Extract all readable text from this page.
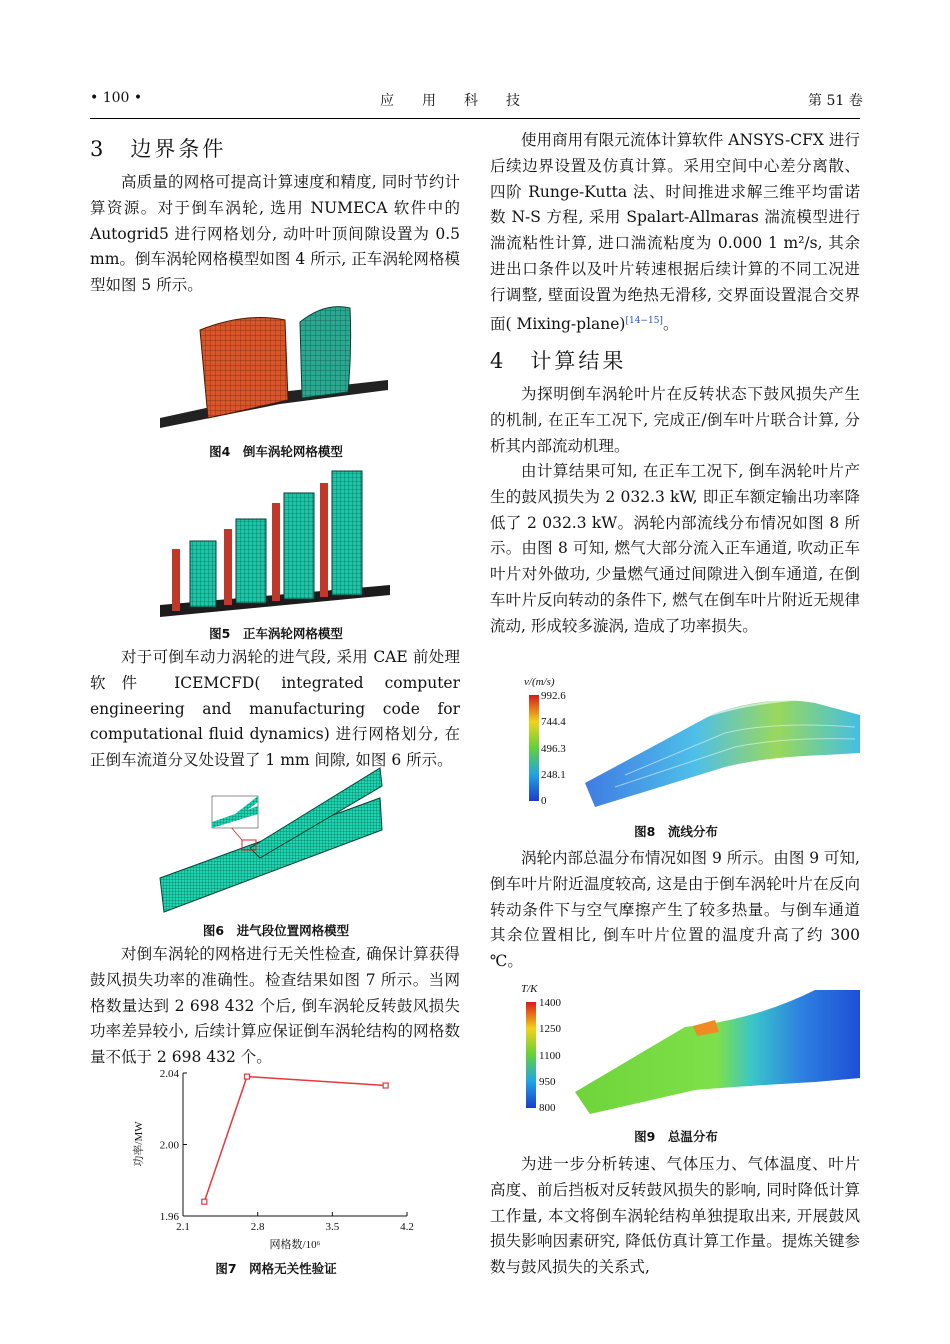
• 100 •	应　　用　　科　　技	第 51 卷
3　边界条件

高质量的网格可提高计算速度和精度, 同时节约计算资源。对于倒车涡轮, 选用 NUMECA 软件中的 Autogrid5 进行网格划分, 动叶叶顶间隙设置为 0.5 mm。倒车涡轮网格模型如图 4 所示, 正车涡轮网格模型如图 5 所示。

图4　倒车涡轮网格模型
图5　正车涡轮网格模型

对于可倒车动力涡轮的进气段, 采用 CAE 前处理软件 ICEMCFD( integrated computer engineering and manufacturing code for computational fluid dynamics) 进行网格划分, 在正倒车流道分叉处设置了 1 mm 间隙, 如图 6 所示。

图6　进气段位置网格模型

对倒车涡轮的网格进行无关性检查, 确保计算获得鼓风损失功率的准确性。检查结果如图 7 所示。当网格数量达到 2 698 432 个后, 倒车涡轮反转鼓风损失功率差异较小, 后续计算应保证倒车涡轮结构的网格数量不低于 2 698 432 个。

2.1	2.8	3.5	4.2
1.96
2.00
2.04
网格数/10⁶
功率/MW
图7　网格无关性验证

使用商用有限元流体计算软件 ANSYS-CFX 进行后续边界设置及仿真计算。采用空间中心差分离散、四阶 Runge-Kutta 法、时间推进求解三维平均雷诺数 N-S 方程, 采用 Spalart-Allmaras 湍流模型进行湍流粘性计算, 进口湍流粘度为 0.000 1 m²/s, 其余进出口条件以及叶片转速根据后续计算的不同工况进行调整, 壁面设置为绝热无滑移, 交界面设置混合交界面( Mixing-plane)[14−15]。

4　计算结果

为探明倒车涡轮叶片在反转状态下鼓风损失产生的机制, 在正车工况下, 完成正/倒车叶片联合计算, 分析其内部流动机理。

由计算结果可知, 在正车工况下, 倒车涡轮叶片产生的鼓风损失为 2 032.3 kW, 即正车额定输出功率降低了 2 032.3 kW。涡轮内部流线分布情况如图 8 所示。由图 8 可知, 燃气大部分流入正车通道, 吹动正车叶片对外做功, 少量燃气通过间隙进入倒车通道, 在倒车叶片反向转动的条件下, 燃气在倒车叶片附近无规律流动, 形成较多漩涡, 造成了功率损失。

v/(m/s)
992.6
744.4
496.3
248.1
0
图8　流线分布

涡轮内部总温分布情况如图 9 所示。由图 9 可知, 倒车叶片附近温度较高, 这是由于倒车涡轮叶片在反向转动条件下与空气摩擦产生了较多热量。与倒车通道其余位置相比, 倒车叶片位置的温度升高了约 300 ℃。

T/K
1400
1250
1100
950
800
图9　总温分布

为进一步分析转速、气体压力、气体温度、叶片高度、前后挡板对反转鼓风损失的影响, 同时降低计算工作量, 本文将倒车涡轮结构单独提取出来, 开展鼓风损失影响因素研究, 降低仿真计算工作量。提炼关键参数与鼓风损失的关系式,
